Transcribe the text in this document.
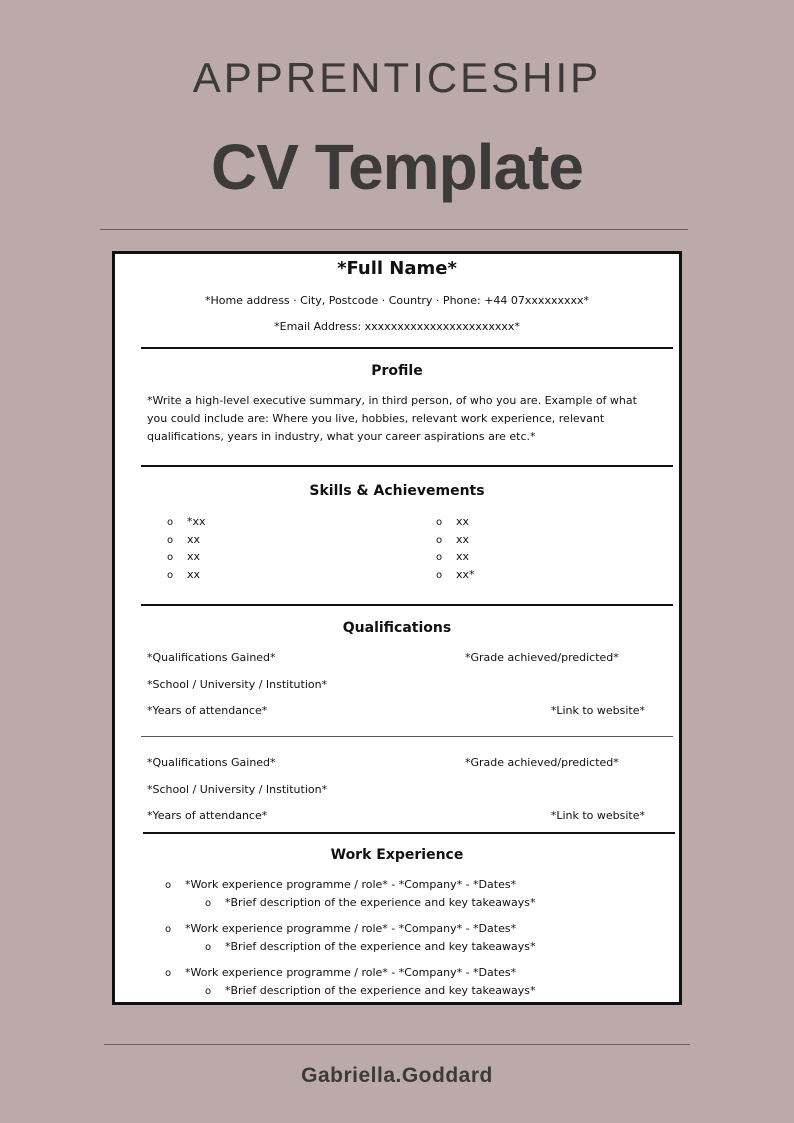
APPRENTICESHIP
CV Template
*Full Name*
*Home address · City, Postcode · Country · Phone: +44 07xxxxxxxxx*
*Email Address: xxxxxxxxxxxxxxxxxxxxxxx*
Profile
*Write a high-level executive summary, in third person, of who you are. Example of what you could include are: Where you live, hobbies, relevant work experience, relevant qualifications, years in industry, what your career aspirations are etc.*
Skills & Achievements
o *xx
o xx
o xx
o xx
o xx
o xx
o xx
o xx*
Qualifications
*Qualifications Gained*	*Grade achieved/predicted*
*School / University / Institution*
*Years of attendance*	*Link to website*
*Qualifications Gained*	*Grade achieved/predicted*
*School / University / Institution*
*Years of attendance*	*Link to website*
Work Experience
o *Work experience programme / role* - *Company* - *Dates*
o *Brief description of the experience and key takeaways*
o *Work experience programme / role* - *Company* - *Dates*
o *Brief description of the experience and key takeaways*
o *Work experience programme / role* - *Company* - *Dates*
o *Brief description of the experience and key takeaways*
Gabriella.Goddard
